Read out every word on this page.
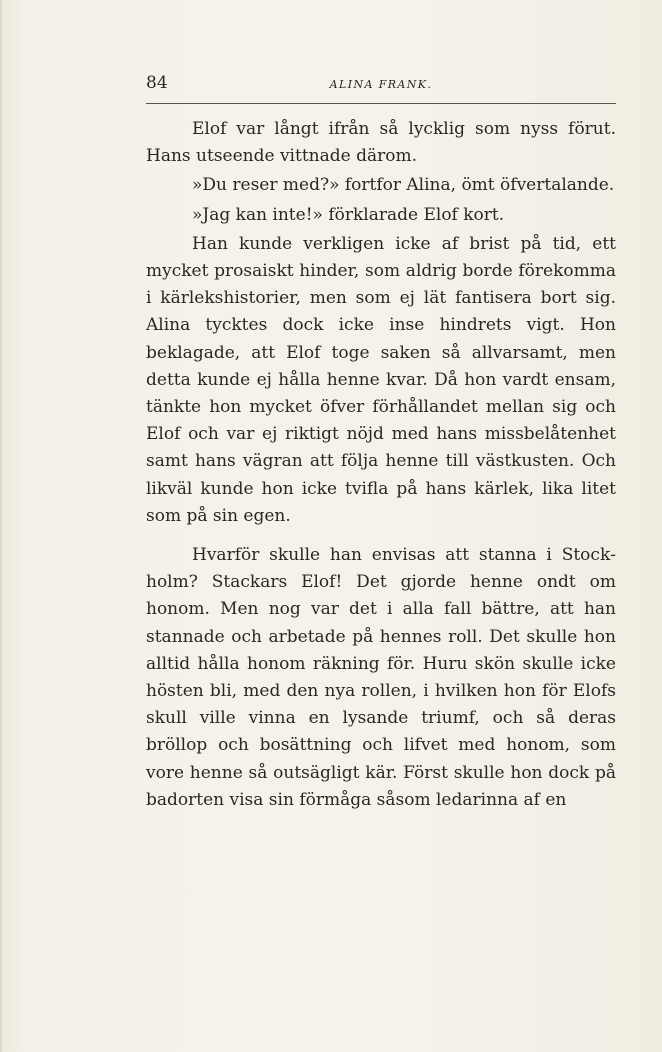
84	ALINA FRANK.

Elof var långt ifrån så lycklig som nyss förut. Hans utseende vittnade därom.

»Du reser med?» fortfor Alina, ömt öfvertalande.

»Jag kan inte!» förklarade Elof kort.

Han kunde verkligen icke af brist på tid, ett mycket prosaiskt hinder, som aldrig borde förekomma i kärlekshistorier, men som ej lät fantisera bort sig. Alina tycktes dock icke inse hindrets vigt. Hon beklagade, att Elof toge saken så allvarsamt, men detta kunde ej hålla henne kvar. Då hon vardt ensam, tänkte hon mycket öfver förhållandet mellan sig och Elof och var ej riktigt nöjd med hans missbelåtenhet samt hans vägran att följa henne till västkusten. Och likväl kunde hon icke tvifla på hans kärlek, lika litet som på sin egen.

Hvarför skulle han envisas att stanna i Stockholm? Stackars Elof! Det gjorde henne ondt om honom. Men nog var det i alla fall bättre, att han stannade och arbetade på hennes roll. Det skulle hon alltid hålla honom räkning för. Huru skön skulle icke hösten bli, med den nya rollen, i hvilken hon för Elofs skull ville vinna en lysande triumf, och så deras bröllop och bosättning och lifvet med honom, som vore henne så outsägligt kär. Först skulle hon dock på badorten visa sin förmåga såsom ledarinna af en
